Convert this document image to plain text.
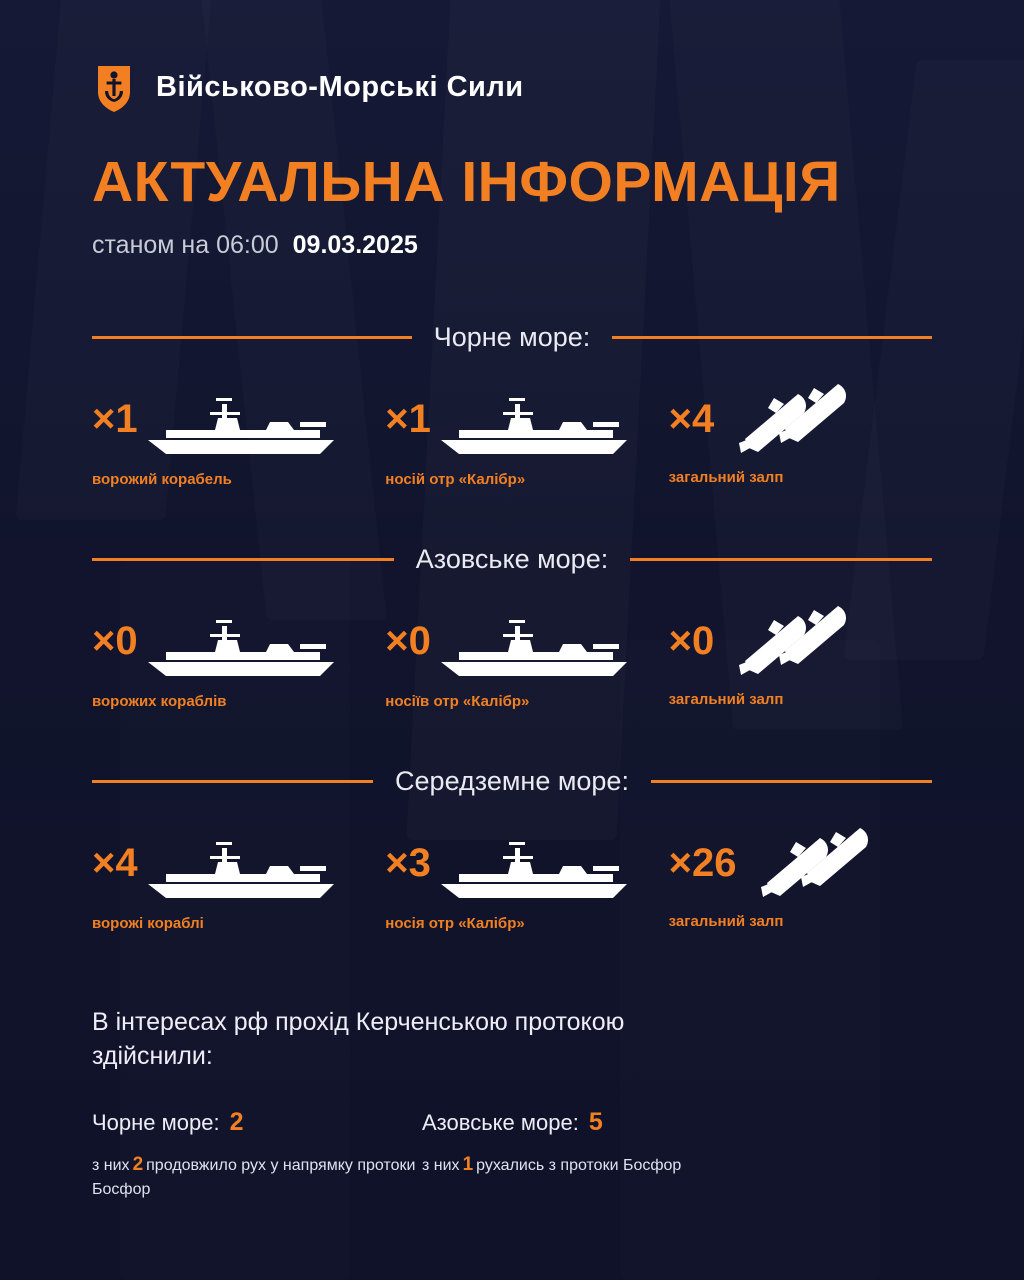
Військово-Морські Сили
АКТУАЛЬНА ІНФОРМАЦІЯ
станом на 06:00 09.03.2025
Чорне море:
×1
ворожий корабель
×1
носій отр «Калібр»
×4
загальний залп
Азовське море:
×0
ворожих кораблів
×0
носіїв отр «Калібр»
×0
загальний залп
Середземне море:
×4
ворожі кораблі
×3
носія отр «Калібр»
×26
загальний залп
В інтересах рф прохід Керченською протокою здійснили:
Чорне море: 2
з них 2 продовжило рух у напрямку протоки Босфор
Азовське море: 5
з них 1 рухались з протоки Босфор
